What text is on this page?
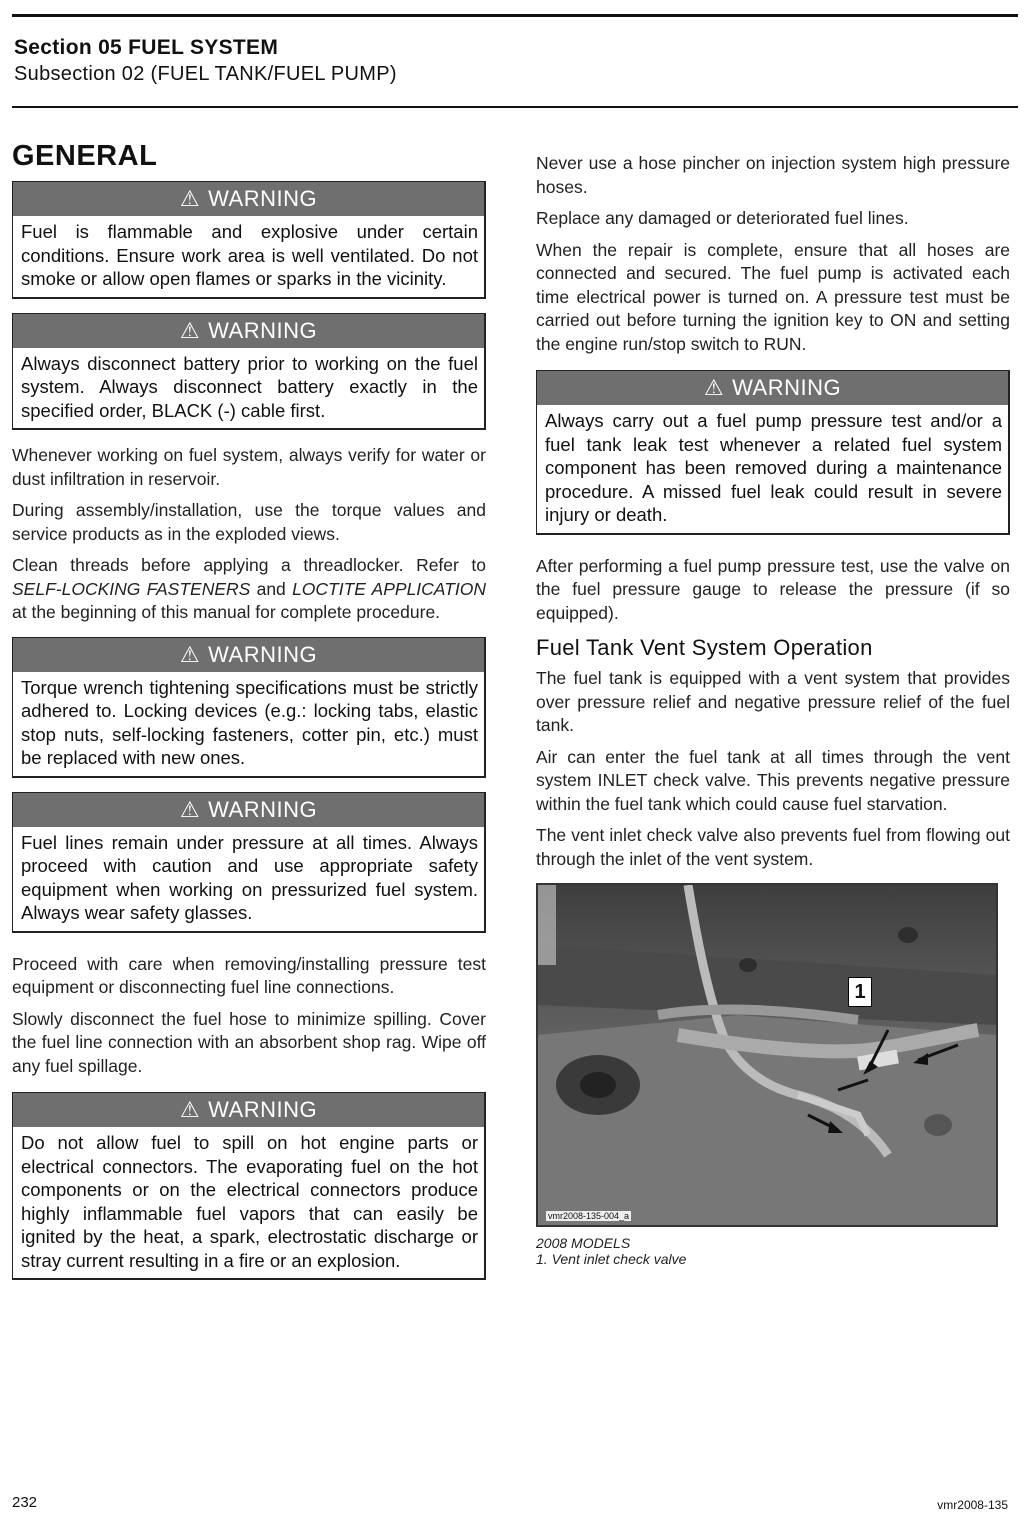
Section 05 FUEL SYSTEM
Subsection 02 (FUEL TANK/FUEL PUMP)
GENERAL
⚠ WARNING
Fuel is flammable and explosive under certain conditions. Ensure work area is well ventilated. Do not smoke or allow open flames or sparks in the vicinity.
⚠ WARNING
Always disconnect battery prior to working on the fuel system. Always disconnect battery exactly in the specified order, BLACK (-) cable first.

Whenever working on fuel system, always verify for water or dust infiltration in reservoir.

During assembly/installation, use the torque values and service products as in the exploded views.

Clean threads before applying a threadlocker. Refer to SELF-LOCKING FASTENERS and LOCTITE APPLICATION at the beginning of this manual for complete procedure.

⚠ WARNING
Torque wrench tightening specifications must be strictly adhered to. Locking devices (e.g.: locking tabs, elastic stop nuts, self-locking fasteners, cotter pin, etc.) must be replaced with new ones.
⚠ WARNING
Fuel lines remain under pressure at all times. Always proceed with caution and use appropriate safety equipment when working on pressurized fuel system. Always wear safety glasses.

Proceed with care when removing/installing pressure test equipment or disconnecting fuel line connections.

Slowly disconnect the fuel hose to minimize spilling. Cover the fuel line connection with an absorbent shop rag. Wipe off any fuel spillage.

⚠ WARNING
Do not allow fuel to spill on hot engine parts or electrical connectors. The evaporating fuel on the hot components or on the electrical connectors produce highly inflammable fuel vapors that can easily be ignited by the heat, a spark, electrostatic discharge or stray current resulting in a fire or an explosion.

Never use a hose pincher on injection system high pressure hoses.

Replace any damaged or deteriorated fuel lines.

When the repair is complete, ensure that all hoses are connected and secured. The fuel pump is activated each time electrical power is turned on. A pressure test must be carried out before turning the ignition key to ON and setting the engine run/stop switch to RUN.

⚠ WARNING
Always carry out a fuel pump pressure test and/or a fuel tank leak test whenever a related fuel system component has been removed during a maintenance procedure. A missed fuel leak could result in severe injury or death.

After performing a fuel pump pressure test, use the valve on the fuel pressure gauge to release the pressure (if so equipped).

Fuel Tank Vent System Operation

The fuel tank is equipped with a vent system that provides over pressure relief and negative pressure relief of the fuel tank.

Air can enter the fuel tank at all times through the vent system INLET check valve. This prevents negative pressure within the fuel tank which could cause fuel starvation.

The vent inlet check valve also prevents fuel from flowing out through the inlet of the vent system.

1
vmr2008-135-004_a
2008 MODELS
1. Vent inlet check valve
232	vmr2008-135
